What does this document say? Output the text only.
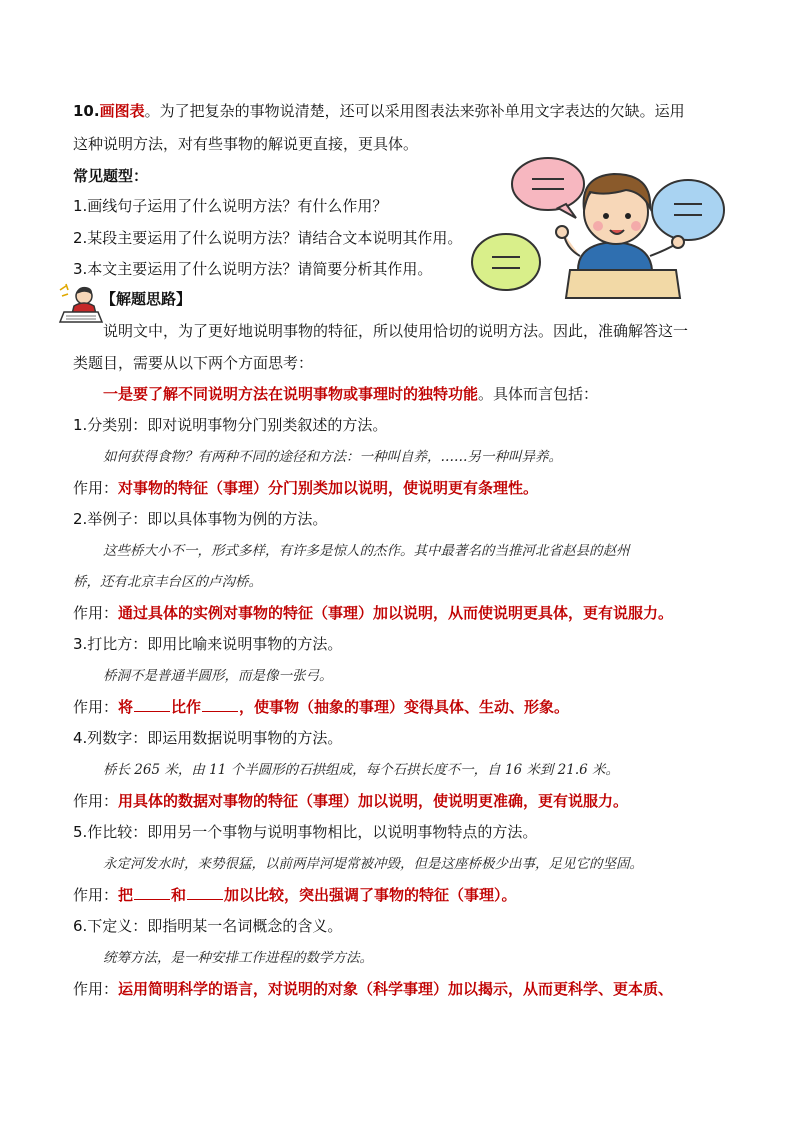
10.画图表。为了把复杂的事物说清楚，还可以采用图表法来弥补单用文字表达的欠缺。运用
这种说明方法，对有些事物的解说更直接，更具体。
常见题型：
1.画线句子运用了什么说明方法？有什么作用？
2.某段主要运用了什么说明方法？请结合文本说明其作用。
3.本文主要运用了什么说明方法？请简要分析其作用。
【解题思路】
说明文中，为了更好地说明事物的特征，所以使用恰切的说明方法。因此，准确解答这一
类题目，需要从以下两个方面思考：
一是要了解不同说明方法在说明事物或事理时的独特功能。具体而言包括：
1.分类别：即对说明事物分门别类叙述的方法。
如何获得食物？有两种不同的途径和方法：一种叫自养，……另一种叫异养。
作用：对事物的特征（事理）分门别类加以说明，使说明更有条理性。
2.举例子：即以具体事物为例的方法。
这些桥大小不一，形式多样，有许多是惊人的杰作。其中最著名的当推河北省赵县的赵州
桥，还有北京丰台区的卢沟桥。
作用：通过具体的实例对事物的特征（事理）加以说明，从而使说明更具体，更有说服力。
3.打比方：即用比喻来说明事物的方法。
桥洞不是普通半圆形，而是像一张弓。
作用：将	比作	，使事物（抽象的事理）变得具体、生动、形象。
4.列数字：即运用数据说明事物的方法。
桥长 265 米，由 11 个半圆形的石拱组成，每个石拱长度不一，自 16 米到 21.6 米。
作用：用具体的数据对事物的特征（事理）加以说明，使说明更准确，更有说服力。
5.作比较：即用另一个事物与说明事物相比，以说明事物特点的方法。
永定河发水时，来势很猛，以前两岸河堤常被冲毁，但是这座桥极少出事，足见它的坚固。
作用：把	和	加以比较，突出强调了事物的特征（事理）。
6.下定义：即指明某一名词概念的含义。
统筹方法，是一种安排工作进程的数学方法。
作用：运用简明科学的语言，对说明的对象（科学事理）加以揭示，从而更科学、更本质、
